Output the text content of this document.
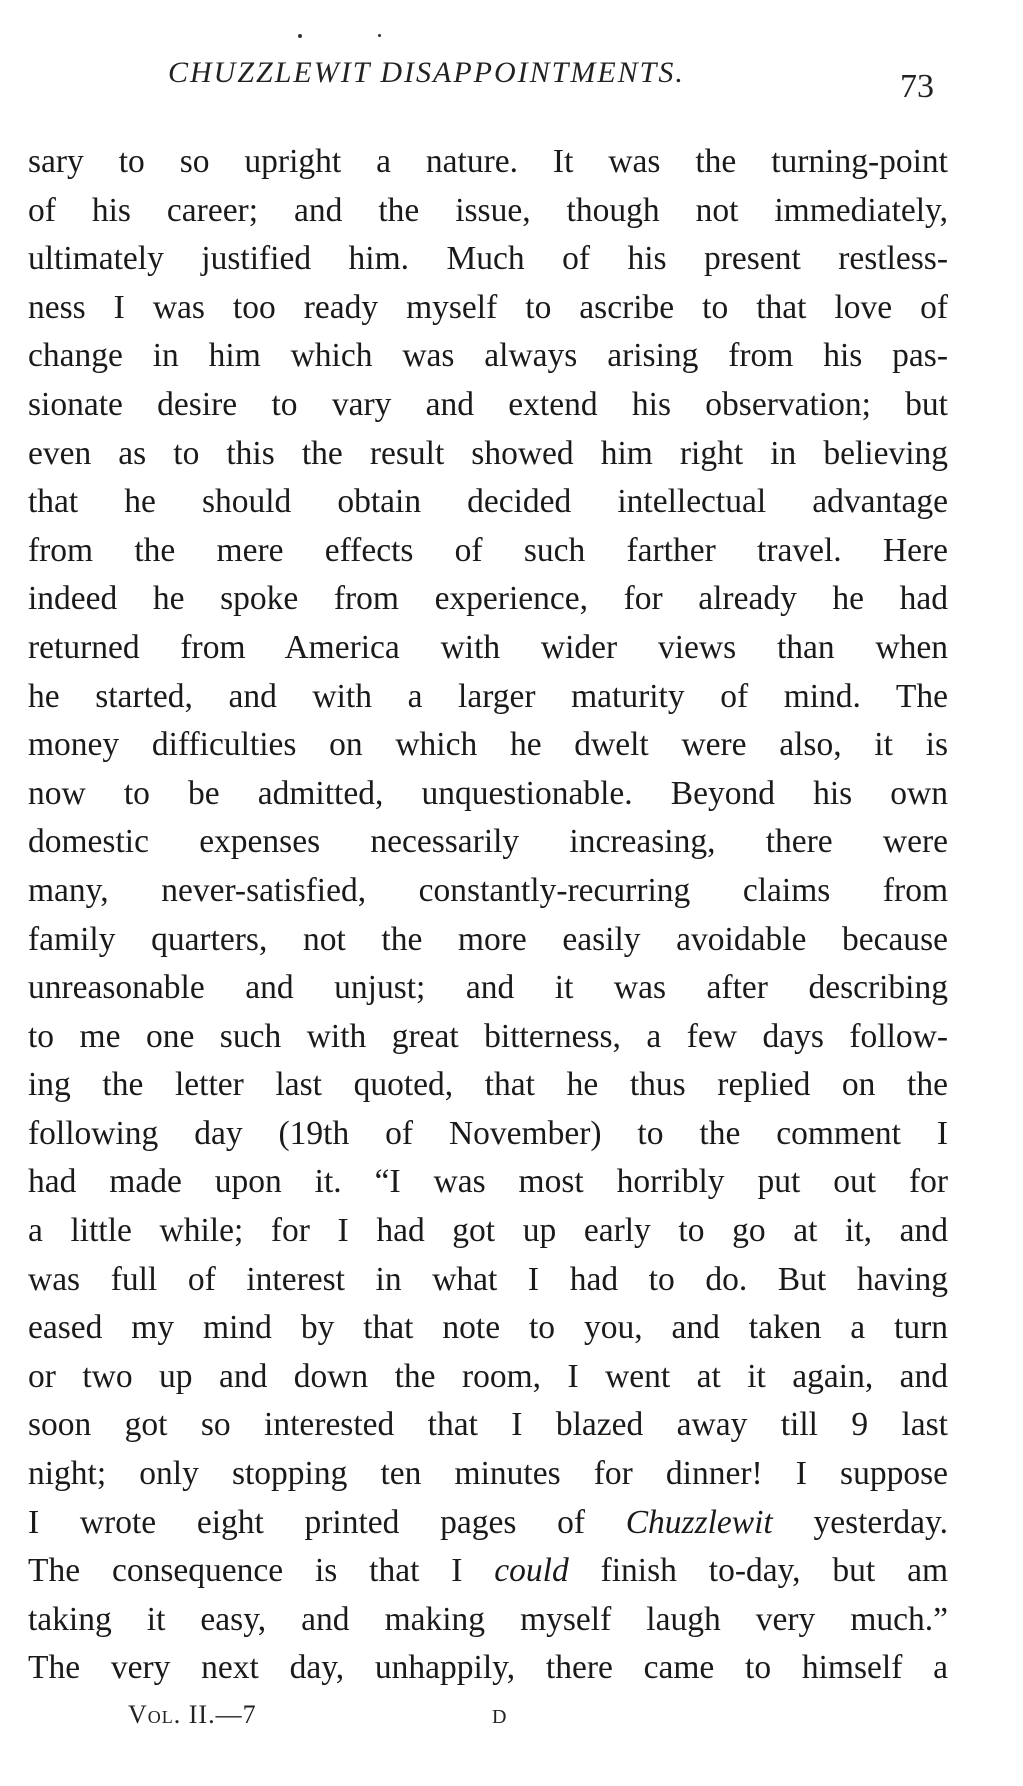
CHUZZLEWIT DISAPPOINTMENTS.	73
sary to so upright a nature. It was the turning-point
of his career; and the issue, though not immediately,
ultimately justified him. Much of his present restless-
ness I was too ready myself to ascribe to that love of
change in him which was always arising from his pas-
sionate desire to vary and extend his observation; but
even as to this the result showed him right in believing
that he should obtain decided intellectual advantage
from the mere effects of such farther travel. Here
indeed he spoke from experience, for already he had
returned from America with wider views than when
he started, and with a larger maturity of mind. The
money difficulties on which he dwelt were also, it is
now to be admitted, unquestionable. Beyond his own
domestic expenses necessarily increasing, there were
many, never-satisfied, constantly-recurring claims from
family quarters, not the more easily avoidable because
unreasonable and unjust; and it was after describing
to me one such with great bitterness, a few days follow-
ing the letter last quoted, that he thus replied on the
following day (19th of November) to the comment I
had made upon it. “I was most horribly put out for
a little while; for I had got up early to go at it, and
was full of interest in what I had to do. But having
eased my mind by that note to you, and taken a turn
or two up and down the room, I went at it again, and
soon got so interested that I blazed away till 9 last
night; only stopping ten minutes for dinner! I suppose
I wrote eight printed pages of Chuzzlewit yesterday.
The consequence is that I could finish to-day, but am
taking it easy, and making myself laugh very much.”
The very next day, unhappily, there came to himself a
Vol. II.—7	D
